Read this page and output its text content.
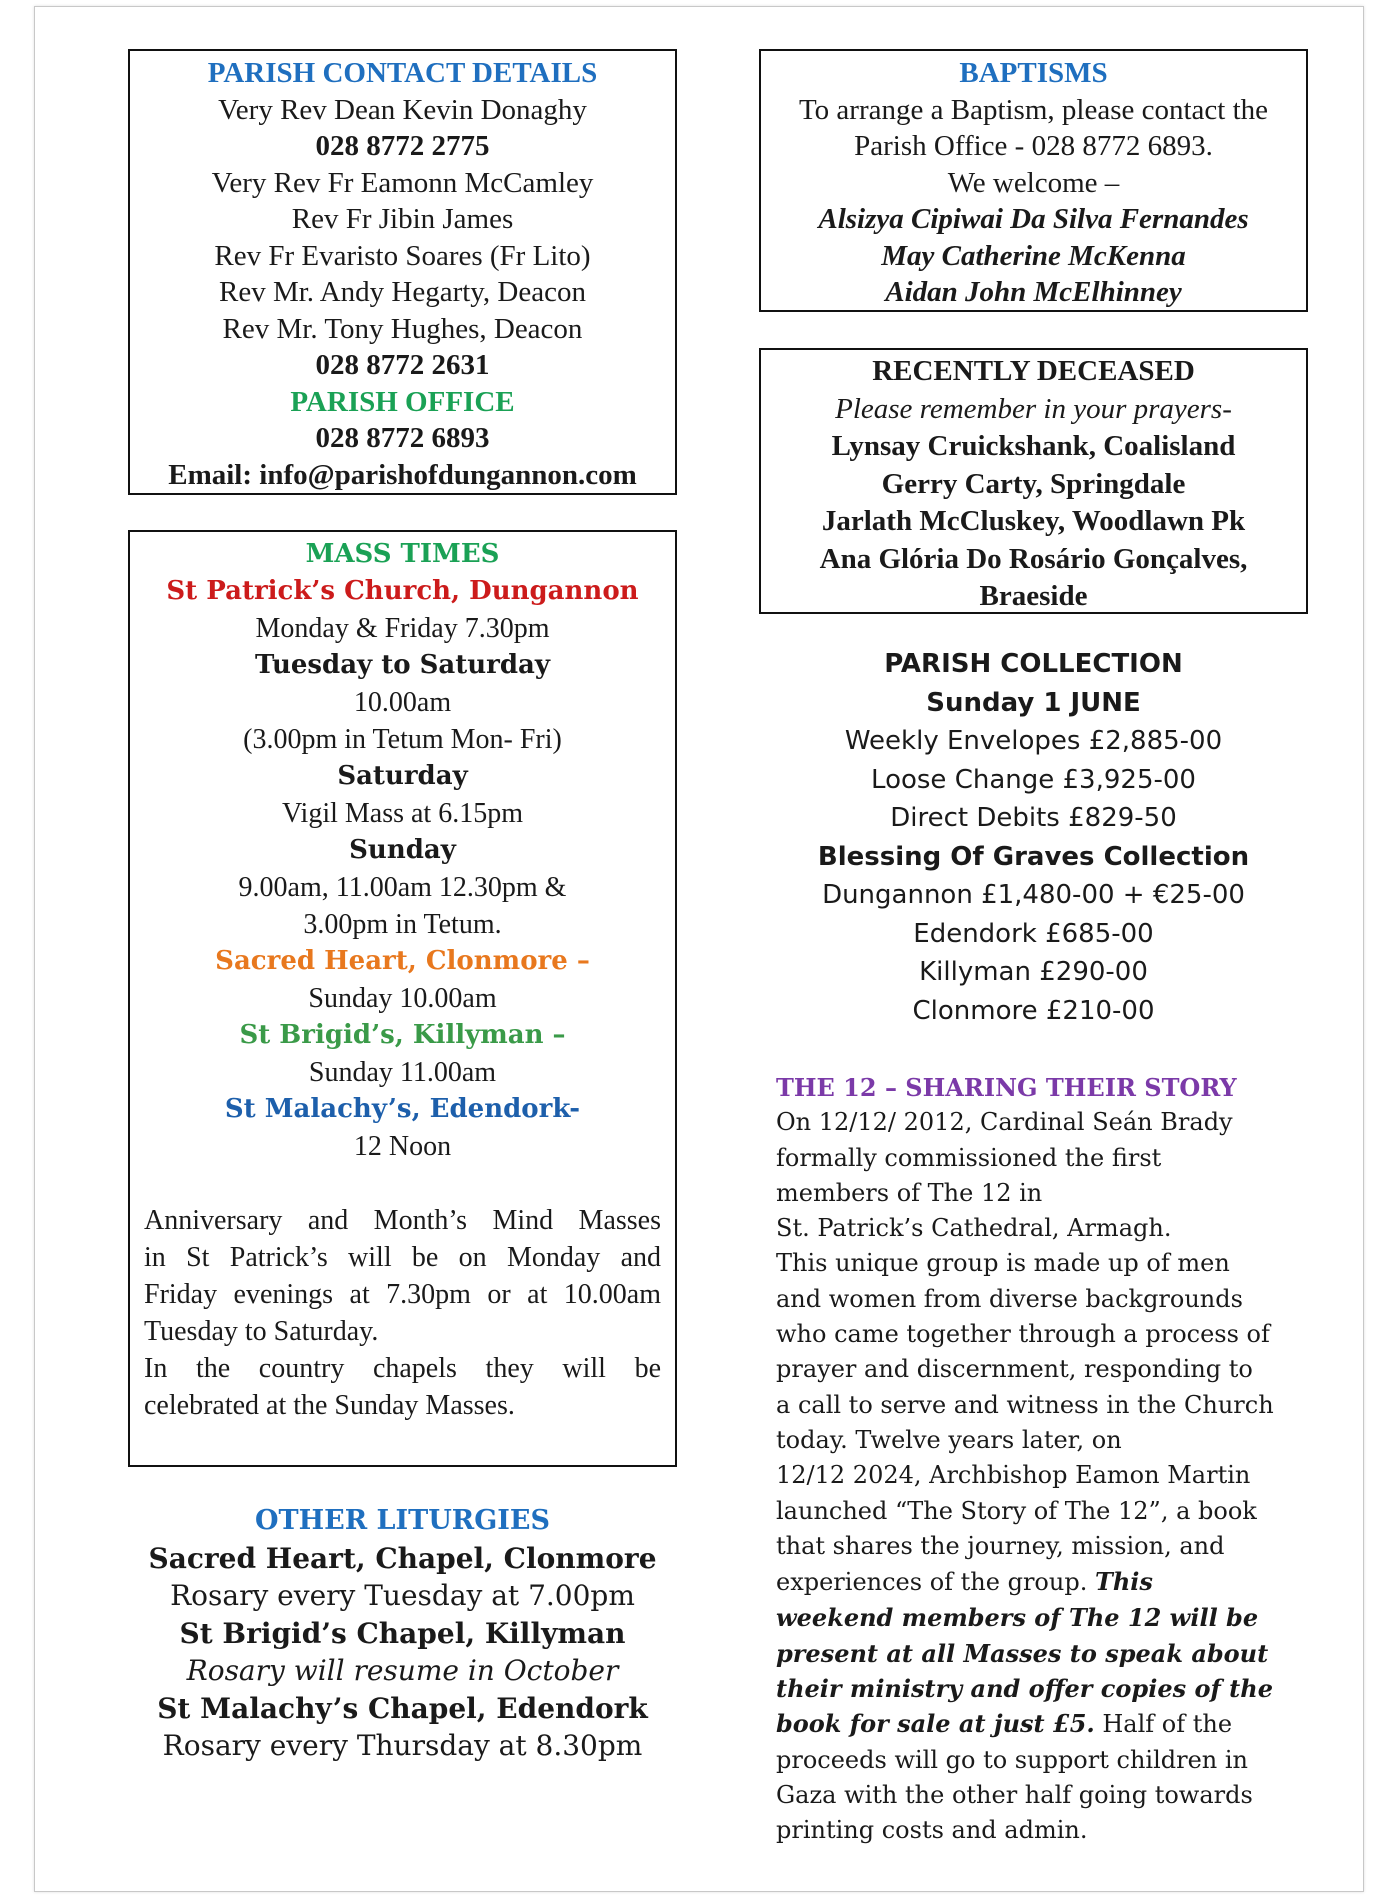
PARISH CONTACT DETAILS
Very Rev Dean Kevin Donaghy
028 8772 2775
Very Rev Fr Eamonn McCamley
Rev Fr Jibin James
Rev Fr Evaristo Soares (Fr Lito)
Rev Mr. Andy Hegarty, Deacon
Rev Mr. Tony Hughes, Deacon
028 8772 2631
PARISH OFFICE
028 8772 6893
Email: info@parishofdungannon.com
MASS TIMES
St Patrick’s Church, Dungannon
Monday & Friday 7.30pm
Tuesday to Saturday
10.00am
(3.00pm in Tetum Mon- Fri)
Saturday
Vigil Mass at 6.15pm
Sunday
9.00am, 11.00am 12.30pm &
3.00pm in Tetum.
Sacred Heart, Clonmore –
Sunday 10.00am
St Brigid’s, Killyman –
Sunday 11.00am
St Malachy’s, Edendork-
12 Noon
Anniversary and Month’s Mind Masses
in St Patrick’s will be on Monday and
Friday evenings at 7.30pm or at 10.00am
Tuesday to Saturday.
In the country chapels they will be
celebrated at the Sunday Masses.
OTHER LITURGIES
Sacred Heart, Chapel, Clonmore
Rosary every Tuesday at 7.00pm
St Brigid’s Chapel, Killyman
Rosary will resume in October
St Malachy’s Chapel, Edendork
Rosary every Thursday at 8.30pm
BAPTISMS
To arrange a Baptism, please contact the
Parish Office - 028 8772 6893.
We welcome –
Alsizya Cipiwai Da Silva Fernandes
May Catherine McKenna
Aidan John McElhinney
RECENTLY DECEASED
Please remember in your prayers-
Lynsay Cruickshank, Coalisland
Gerry Carty, Springdale
Jarlath McCluskey, Woodlawn Pk
Ana Glória Do Rosário Gonçalves,
Braeside
PARISH COLLECTION
Sunday 1 JUNE
Weekly Envelopes £2,885-00
Loose Change £3,925-00
Direct Debits £829-50
Blessing Of Graves Collection
Dungannon £1,480-00 + €25-00
Edendork £685-00
Killyman £290-00
Clonmore £210-00
THE 12 – SHARING THEIR STORY
On 12/12/ 2012, Cardinal Seán Brady
formally commissioned the first
members of The 12 in
St. Patrick’s Cathedral, Armagh.
This unique group is made up of men
and women from diverse backgrounds
who came together through a process of
prayer and discernment, responding to
a call to serve and witness in the Church
today. Twelve years later, on
12/12 2024, Archbishop Eamon Martin
launched “The Story of The 12”, a book
that shares the journey, mission, and
experiences of the group. This
weekend members of The 12 will be
present at all Masses to speak about
their ministry and offer copies of the
book for sale at just £5. Half of the
proceeds will go to support children in
Gaza with the other half going towards
printing costs and admin.
